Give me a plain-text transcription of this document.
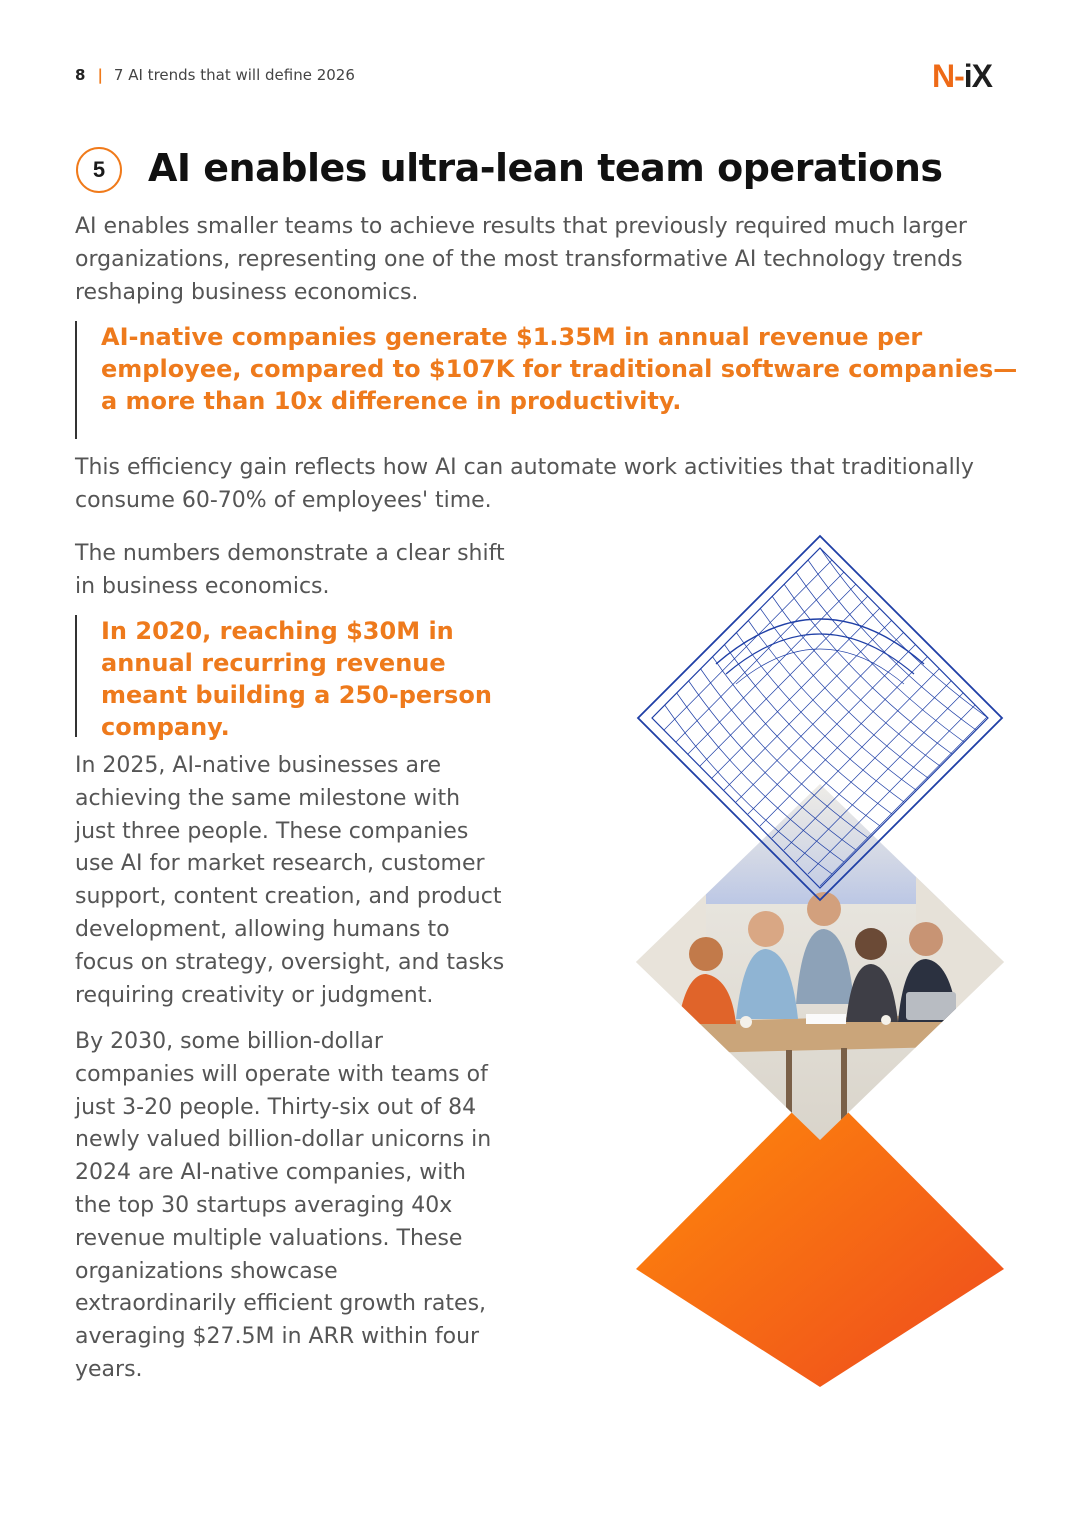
8 | 7 AI trends that will define 2026	N-iX
5	AI enables ultra-lean team operations

AI enables smaller teams to achieve results that previously required much larger organizations, representing one of the most transformative AI technology trends reshaping business economics.

AI-native companies generate $1.35M in annual revenue per employee, compared to $107K for traditional software companies—a more than 10x difference in productivity.

This efficiency gain reflects how AI can automate work activities that traditionally consume 60-70% of employees' time.

The numbers demonstrate a clear shift in business economics.

In 2020, reaching $30M in annual recurring revenue meant building a 250-person company.

In 2025, AI-native businesses are achieving the same milestone with just three people. These companies use AI for market research, customer support, content creation, and product development, allowing humans to focus on strategy, oversight, and tasks requiring creativity or judgment.

By 2030, some billion-dollar companies will operate with teams of just 3-20 people. Thirty-six out of 84 newly valued billion-dollar unicorns in 2024 are AI-native companies, with the top 30 startups averaging 40x revenue multiple valuations. These organizations showcase extraordinarily efficient growth rates, averaging $27.5M in ARR within four years.
